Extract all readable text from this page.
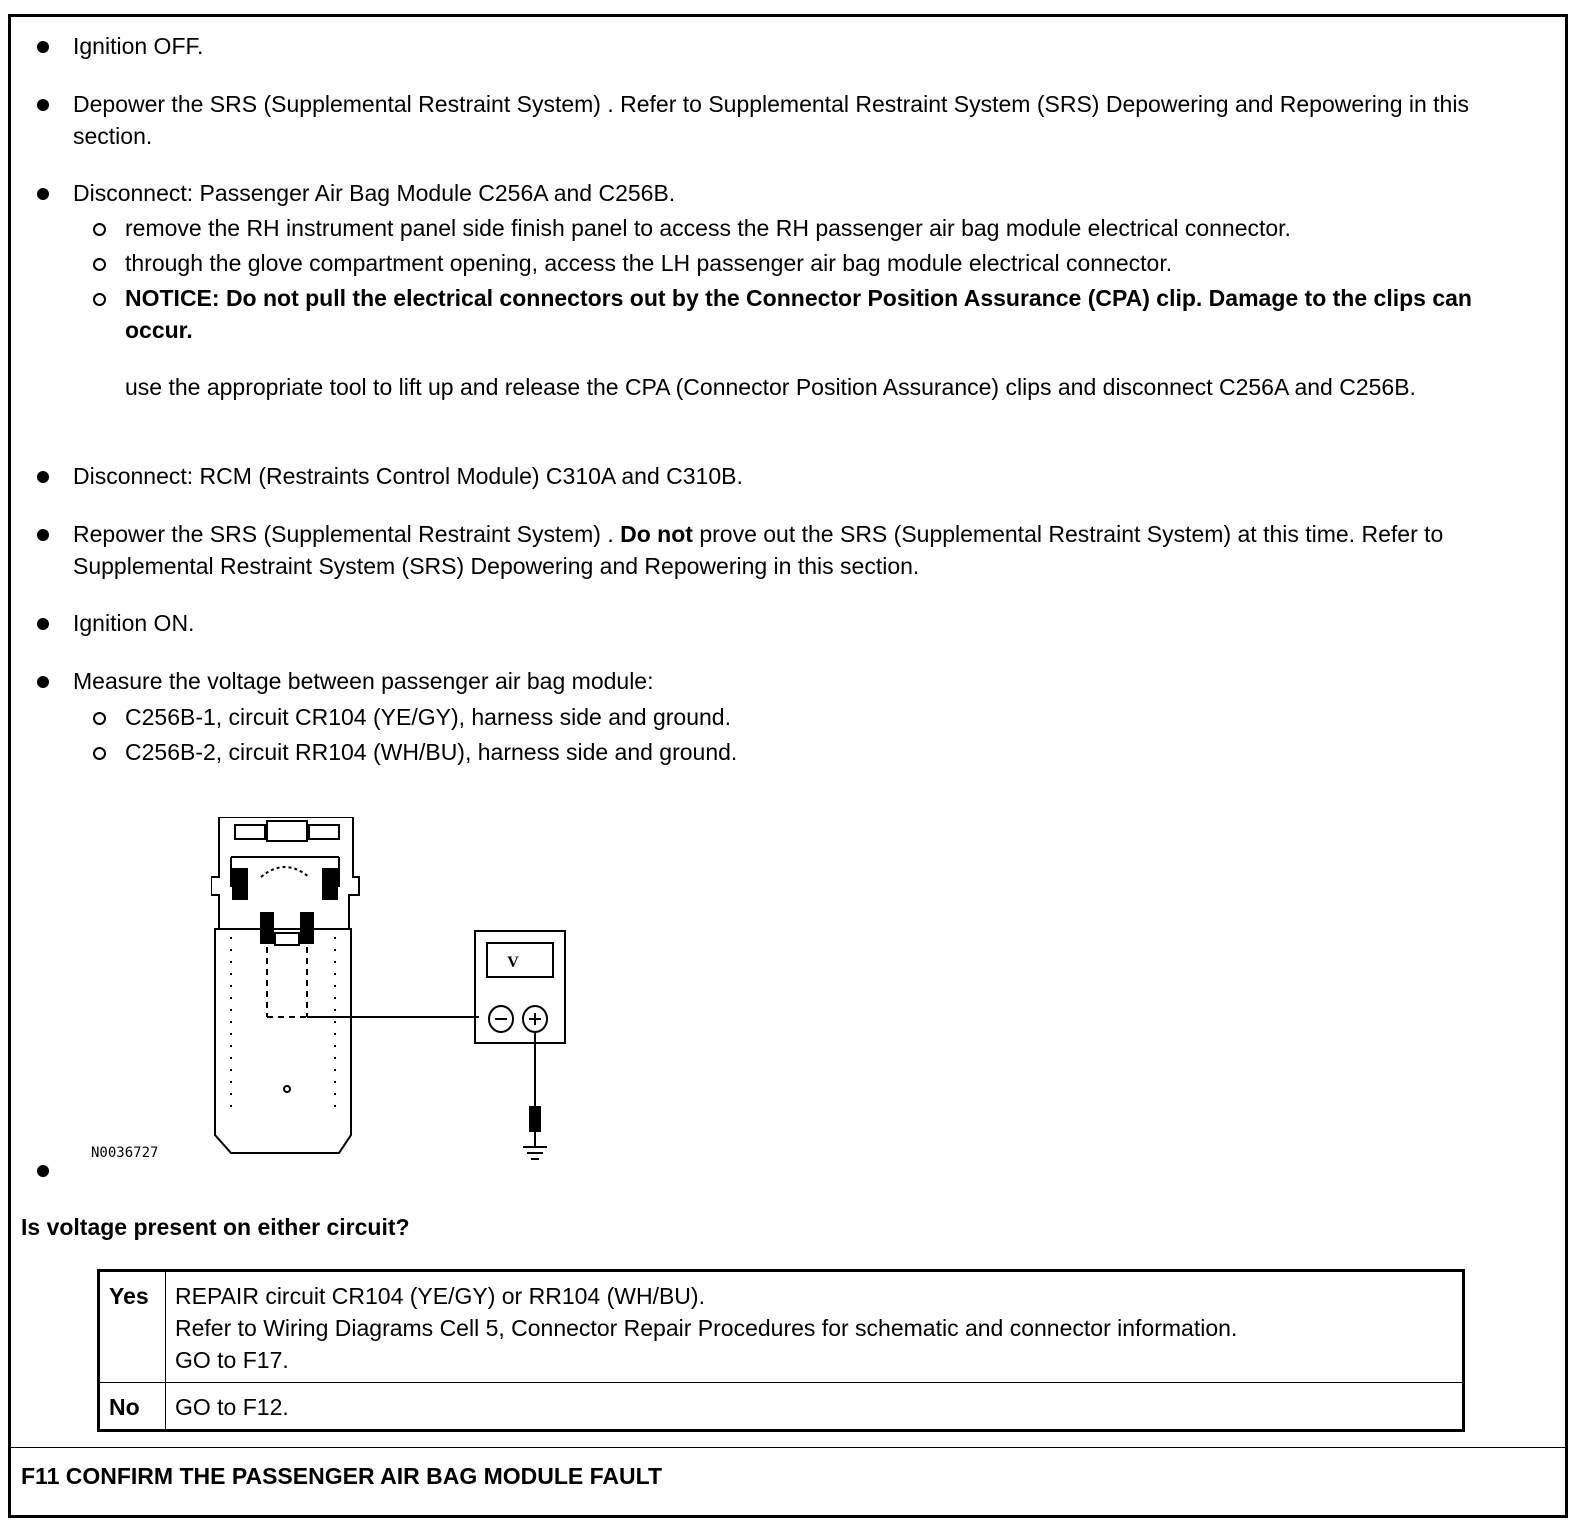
Ignition OFF.
Depower the SRS (Supplemental Restraint System) . Refer to Supplemental Restraint System (SRS) Depowering and Repowering in this section.
Disconnect: Passenger Air Bag Module C256A and C256B.
remove the RH instrument panel side finish panel to access the RH passenger air bag module electrical connector.
through the glove compartment opening, access the LH passenger air bag module electrical connector.
NOTICE: Do not pull the electrical connectors out by the Connector Position Assurance (CPA) clip. Damage to the clips can occur.
use the appropriate tool to lift up and release the CPA (Connector Position Assurance) clips and disconnect C256A and C256B.
Disconnect: RCM (Restraints Control Module) C310A and C310B.
Repower the SRS (Supplemental Restraint System) . Do not prove out the SRS (Supplemental Restraint System) at this time. Refer to Supplemental Restraint System (SRS) Depowering and Repowering in this section.
Ignition ON.
Measure the voltage between passenger air bag module:
C256B-1, circuit CR104 (YE/GY), harness side and ground.
C256B-2, circuit RR104 (WH/BU), harness side and ground.
V
N0036727
Is voltage present on either circuit?
Yes	REPAIR circuit CR104 (YE/GY) or RR104 (WH/BU).
Refer to Wiring Diagrams Cell 5, Connector Repair Procedures for schematic and connector information.
GO to F17.

No	GO to F12.
F11 CONFIRM THE PASSENGER AIR BAG MODULE FAULT
